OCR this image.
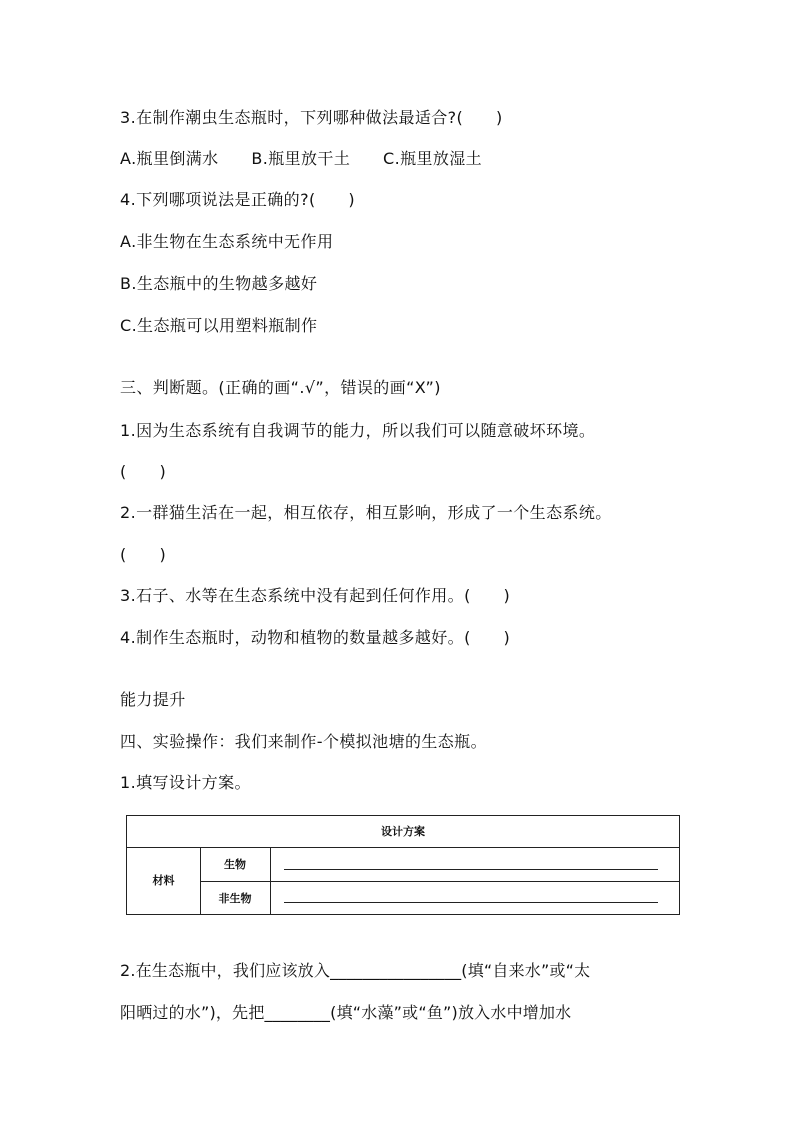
3.在制作潮虫生态瓶时，下列哪种做法最适合?(　　)
A.瓶里倒满水　　B.瓶里放干土　　C.瓶里放湿土
4.下列哪项说法是正确的?(　　)
A.非生物在生态系统中无作用
B.生态瓶中的生物越多越好
C.生态瓶可以用塑料瓶制作
三、判断题。(正确的画“.√”，错误的画“X”)
1.因为生态系统有自我调节的能力，所以我们可以随意破坏环境。
(　　)
2.一群猫生活在一起，相互依存，相互影响，形成了一个生态系统。
(　　)
3.石子、水等在生态系统中没有起到任何作用。(　　)
4.制作生态瓶时，动物和植物的数量越多越好。(　　)
能力提升
四、实验操作：我们来制作-个模拟池塘的生态瓶。
1.填写设计方案。
设计方案
材料
生物
非生物
2.在生态瓶中，我们应该放入________________(填“自来水”或“太
阳晒过的水”)，先把________(填“水藻”或“鱼”)放入水中增加水
